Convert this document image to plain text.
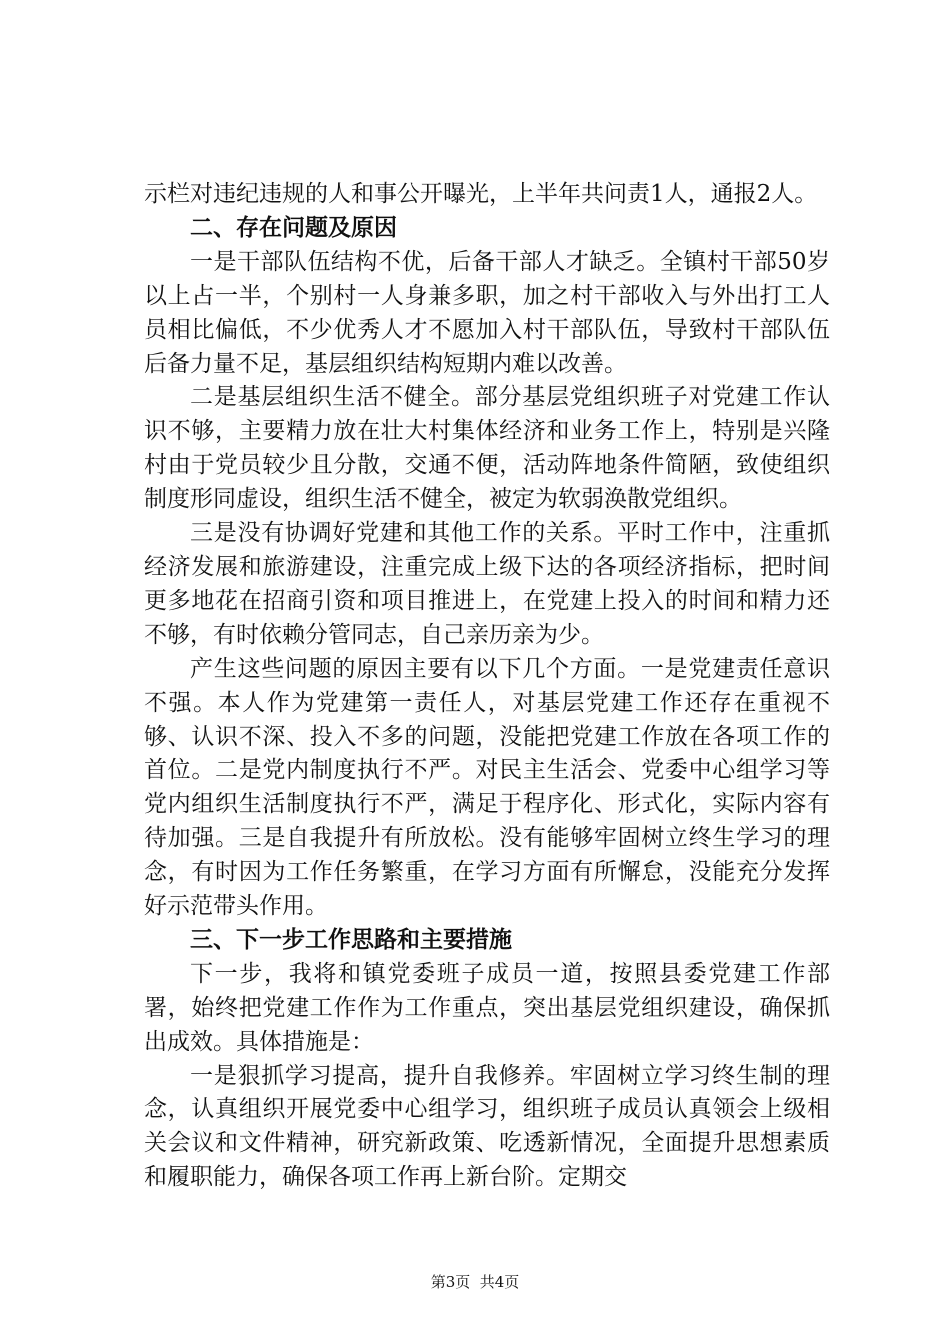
示栏对违纪违规的人和事公开曝光，上半年共问责1人，通报2人。

二、存在问题及原因

一是干部队伍结构不优，后备干部人才缺乏。全镇村干部50岁以上占一半，个别村一人身兼多职，加之村干部收入与外出打工人员相比偏低，不少优秀人才不愿加入村干部队伍，导致村干部队伍后备力量不足，基层组织结构短期内难以改善。

二是基层组织生活不健全。部分基层党组织班子对党建工作认识不够，主要精力放在壮大村集体经济和业务工作上，特别是兴隆村由于党员较少且分散，交通不便，活动阵地条件简陋，致使组织制度形同虚设，组织生活不健全，被定为软弱涣散党组织。

三是没有协调好党建和其他工作的关系。平时工作中，注重抓经济发展和旅游建设，注重完成上级下达的各项经济指标，把时间更多地花在招商引资和项目推进上，在党建上投入的时间和精力还不够，有时依赖分管同志，自己亲历亲为少。

产生这些问题的原因主要有以下几个方面。一是党建责任意识不强。本人作为党建第一责任人，对基层党建工作还存在重视不够、认识不深、投入不多的问题，没能把党建工作放在各项工作的首位。二是党内制度执行不严。对民主生活会、党委中心组学习等党内组织生活制度执行不严，满足于程序化、形式化，实际内容有待加强。三是自我提升有所放松。没有能够牢固树立终生学习的理念，有时因为工作任务繁重，在学习方面有所懈怠，没能充分发挥好示范带头作用。

三、下一步工作思路和主要措施

下一步，我将和镇党委班子成员一道，按照县委党建工作部署，始终把党建工作作为工作重点，突出基层党组织建设，确保抓出成效。具体措施是：

一是狠抓学习提高，提升自我修养。牢固树立学习终生制的理念，认真组织开展党委中心组学习，组织班子成员认真领会上级相关会议和文件精神，研究新政策、吃透新情况，全面提升思想素质和履职能力，确保各项工作再上新台阶。定期交

第3页  共4页
